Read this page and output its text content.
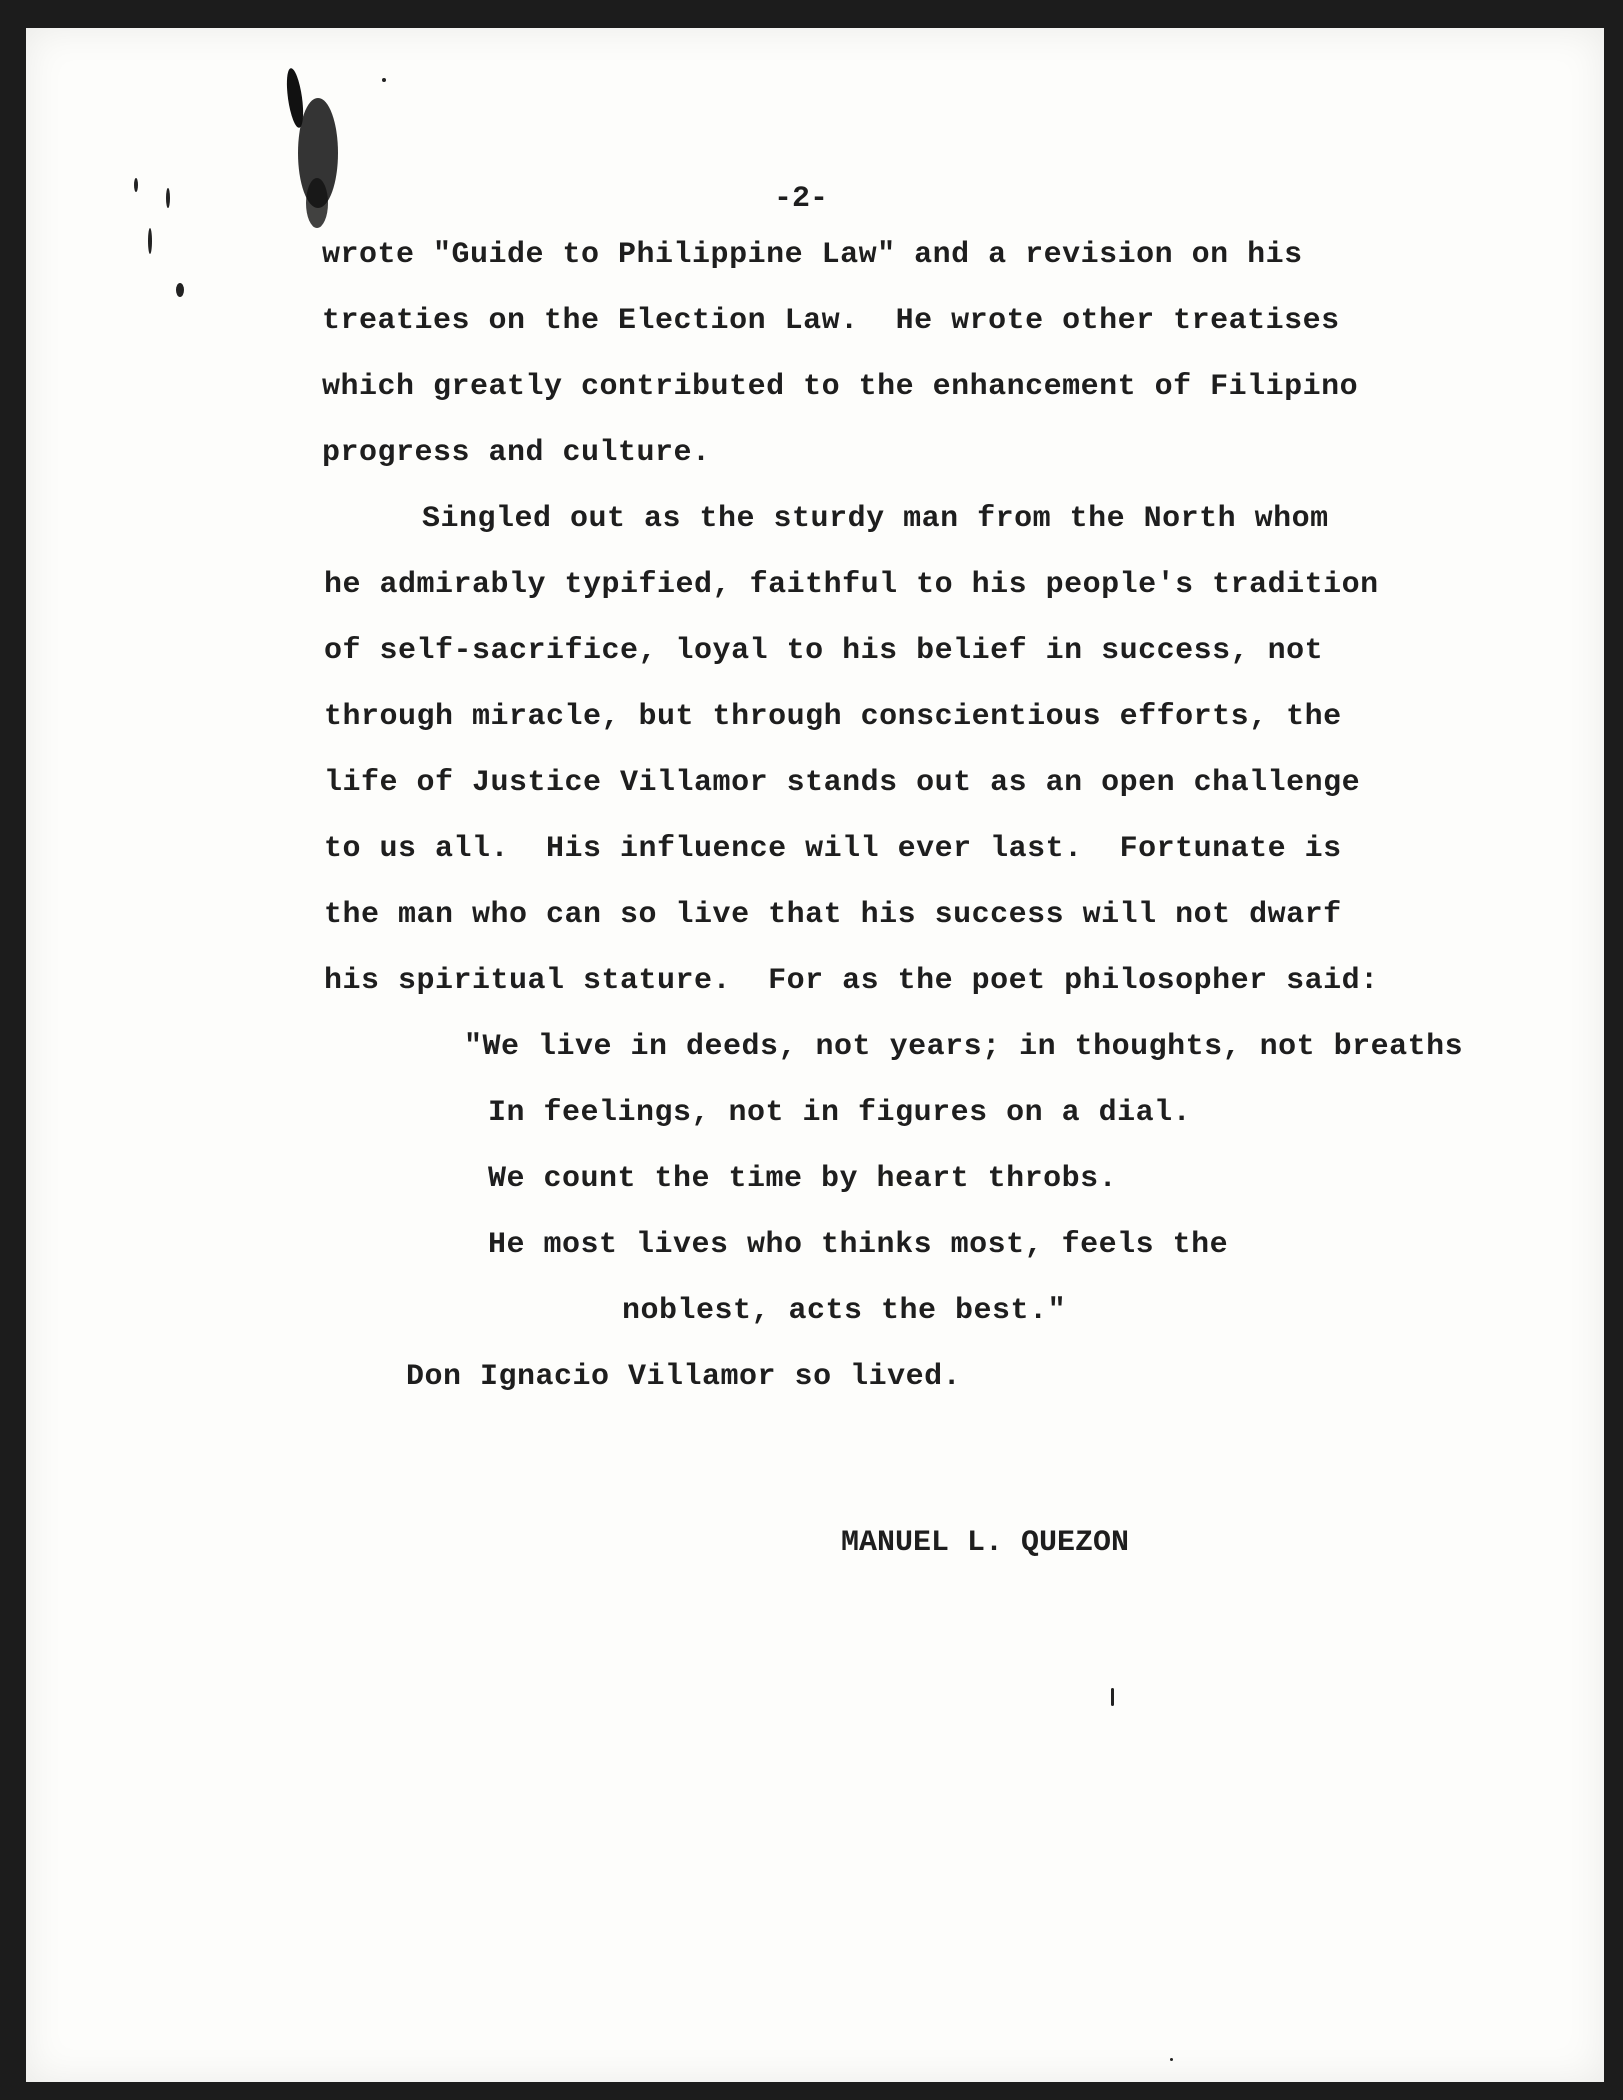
-2-
wrote "Guide to Philippine Law" and a revision on his
treaties on the Election Law.  He wrote other treatises
which greatly contributed to the enhancement of Filipino
progress and culture.
Singled out as the sturdy man from the North whom
he admirably typified, faithful to his people's tradition
of self-sacrifice, loyal to his belief in success, not
through miracle, but through conscientious efforts, the
life of Justice Villamor stands out as an open challenge
to us all.  His influence will ever last.  Fortunate is
the man who can so live that his success will not dwarf
his spiritual stature.  For as the poet philosopher said:
"We live in deeds, not years; in thoughts, not breaths
In feelings, not in figures on a dial.
We count the time by heart throbs.
He most lives who thinks most, feels the
noblest, acts the best."
Don Ignacio Villamor so lived.
MANUEL L. QUEZON
